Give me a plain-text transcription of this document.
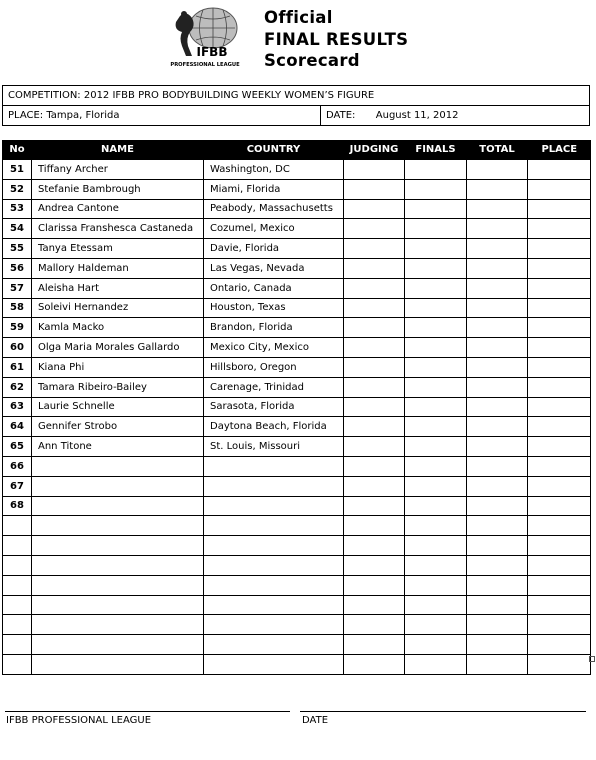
IFBB
PROFESSIONAL LEAGUE
Official
FINAL RESULTS
Scorecard
COMPETITION: 2012 IFBB PRO BODYBUILDING WEEKLY WOMEN’S FIGURE
PLACE: Tampa, Florida	DATE: August 11, 2012
No	NAME	COUNTRY	JUDGING	FINALS	TOTAL	PLACE
51	Tiffany Archer	Washington, DC				
52	Stefanie Bambrough	Miami, Florida				
53	Andrea Cantone	Peabody, Massachusetts				
54	Clarissa Franshesca Castaneda	Cozumel, Mexico				
55	Tanya Etessam	Davie, Florida				
56	Mallory Haldeman	Las Vegas, Nevada				
57	Aleisha Hart	Ontario, Canada				
58	Soleivi Hernandez	Houston, Texas				
59	Kamla Macko	Brandon, Florida				
60	Olga Maria Morales Gallardo	Mexico City, Mexico				
61	Kiana Phi	Hillsboro, Oregon				
62	Tamara Ribeiro-Bailey	Carenage, Trinidad				
63	Laurie Schnelle	Sarasota, Florida				
64	Gennifer Strobo	Daytona Beach, Florida				
65	Ann Titone	St. Louis, Missouri				
66						
67						
68						

IFBB PROFESSIONAL LEAGUE	DATE
